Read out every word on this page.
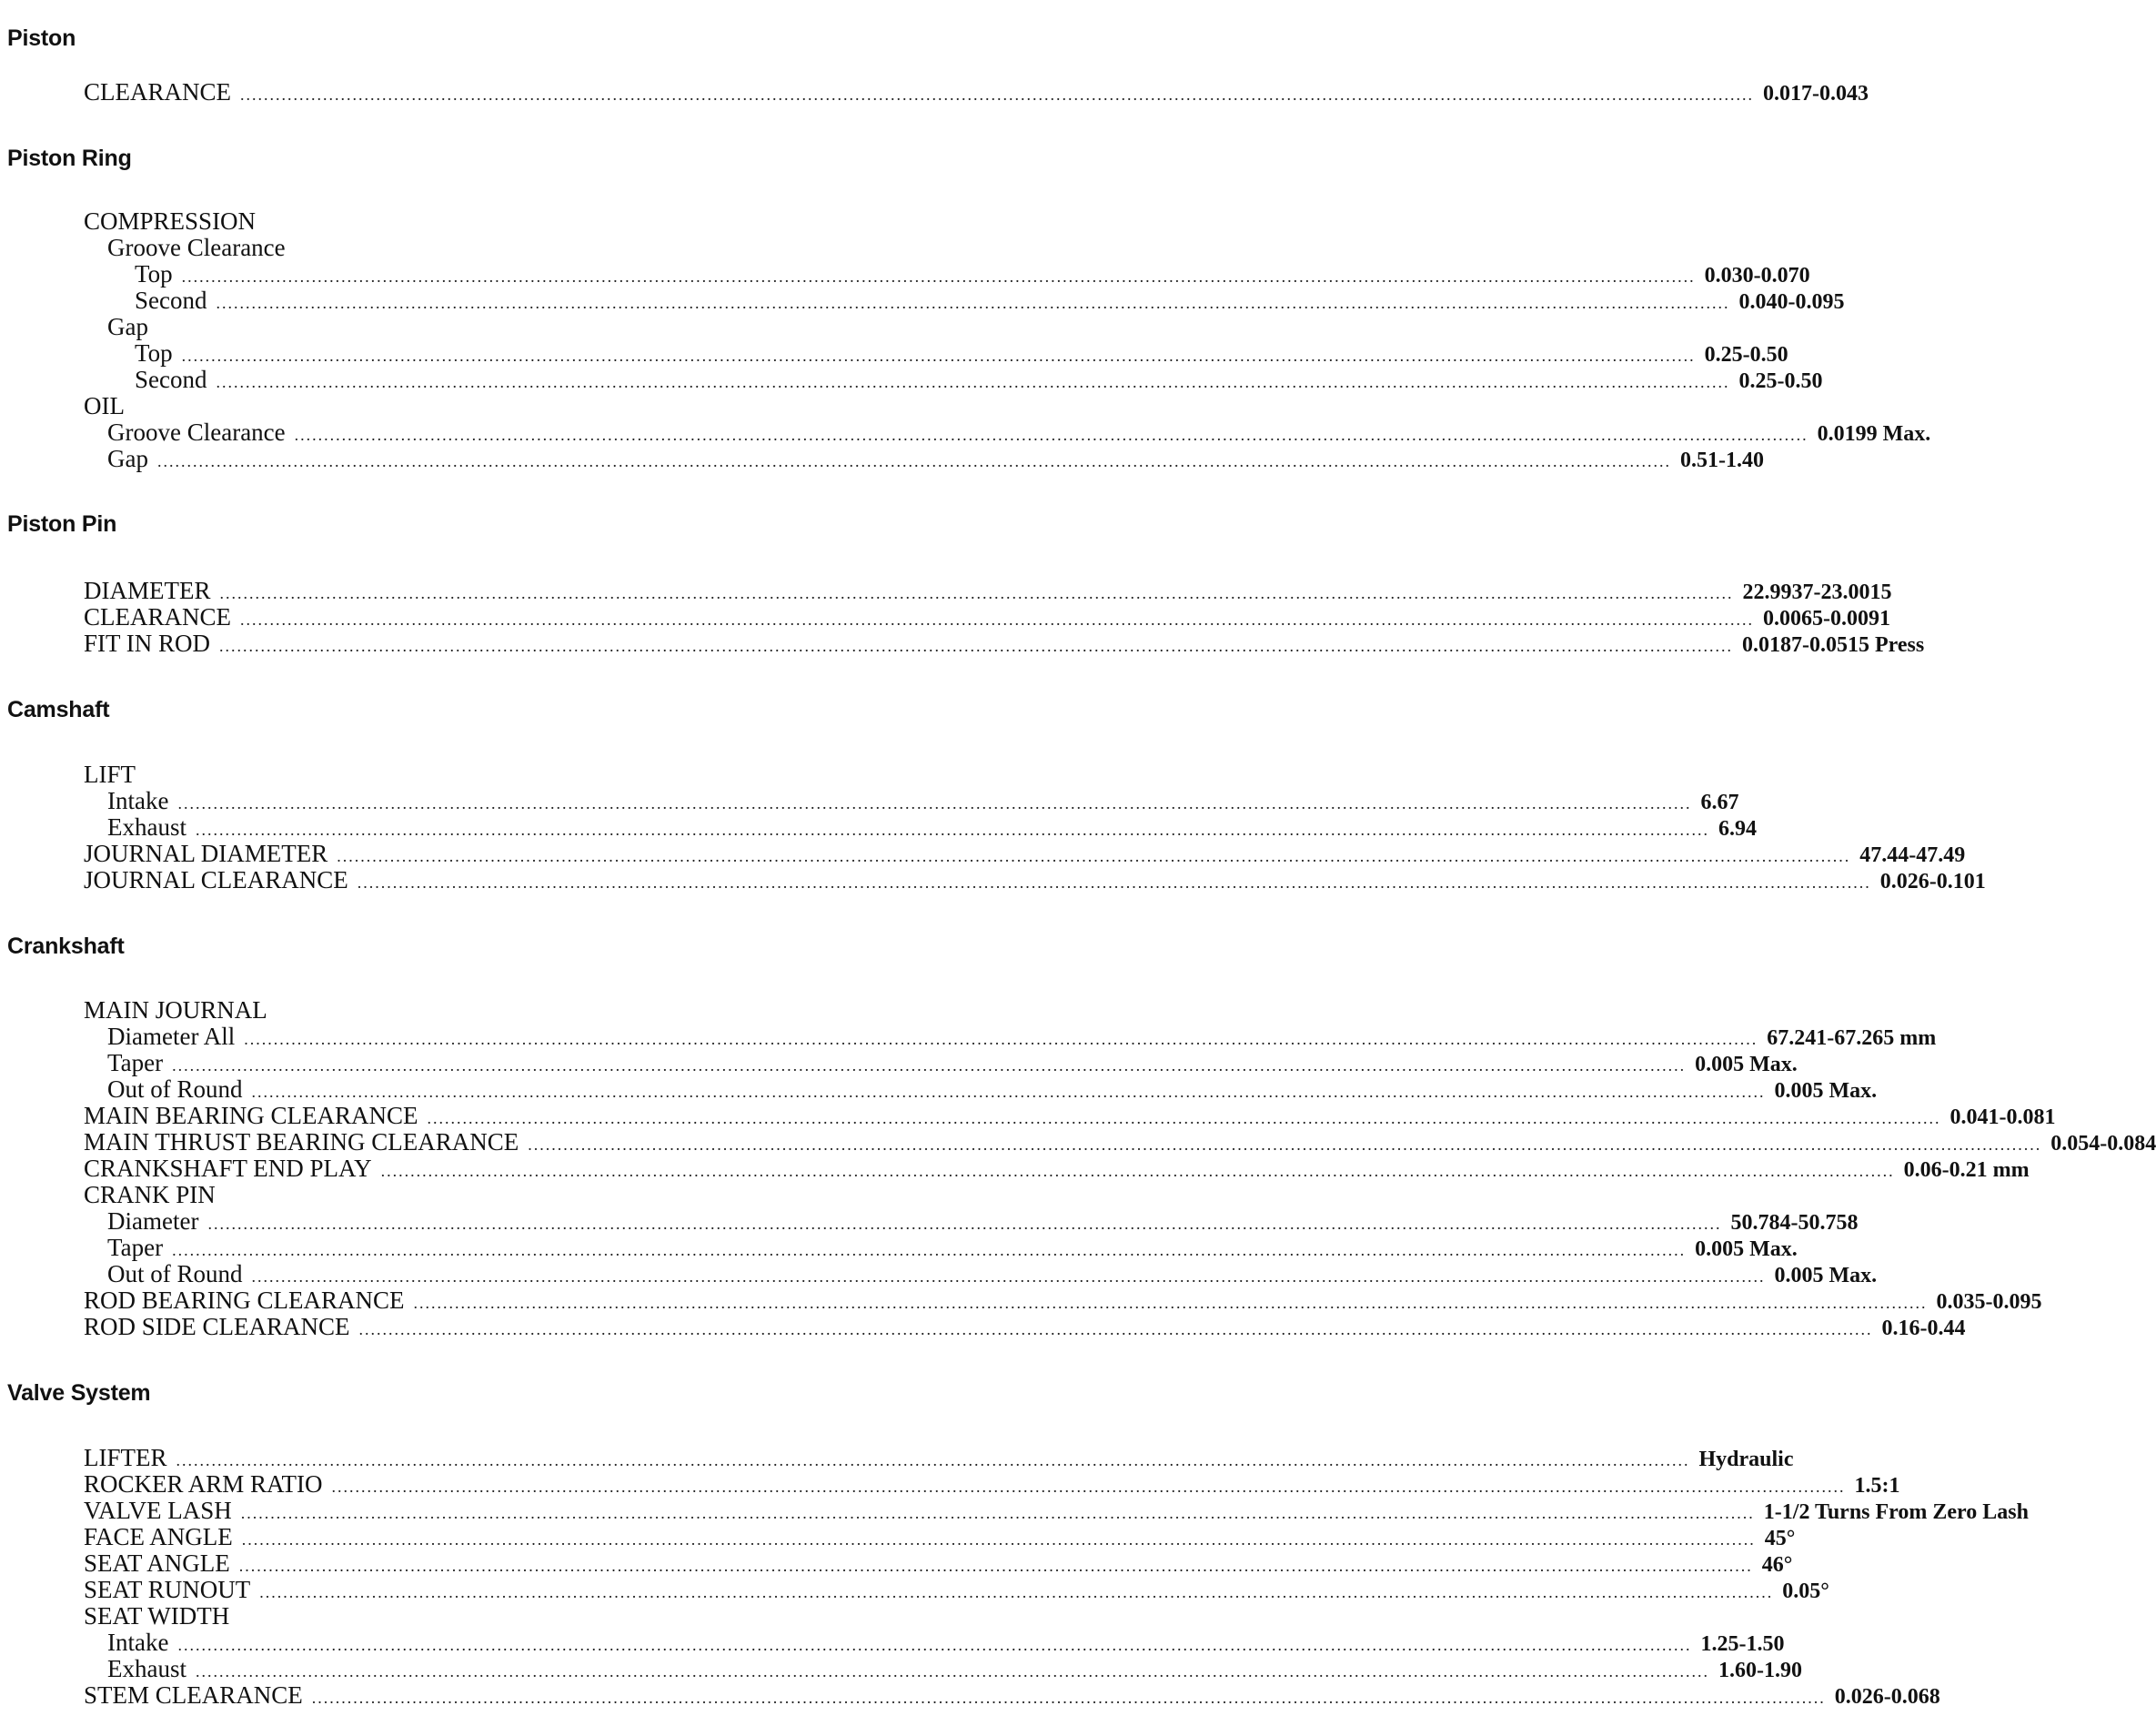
Piston
CLEARANCE ................................................................................................................................................................................................................................................................ 0.017-0.043
Piston Ring
COMPRESSION
Groove Clearance
Top ................................................................................................................................................................................................................................................................ 0.030-0.070
Second ................................................................................................................................................................................................................................................................ 0.040-0.095
Gap
Top ................................................................................................................................................................................................................................................................ 0.25-0.50
Second ................................................................................................................................................................................................................................................................ 0.25-0.50
OIL
Groove Clearance ................................................................................................................................................................................................................................................................ 0.0199 Max.
Gap ................................................................................................................................................................................................................................................................ 0.51-1.40
Piston Pin
DIAMETER ................................................................................................................................................................................................................................................................ 22.9937-23.0015
CLEARANCE ................................................................................................................................................................................................................................................................ 0.0065-0.0091
FIT IN ROD ................................................................................................................................................................................................................................................................ 0.0187-0.0515 Press
Camshaft
LIFT
Intake ................................................................................................................................................................................................................................................................ 6.67
Exhaust ................................................................................................................................................................................................................................................................ 6.94
JOURNAL DIAMETER ................................................................................................................................................................................................................................................................ 47.44-47.49
JOURNAL CLEARANCE ................................................................................................................................................................................................................................................................ 0.026-0.101
Crankshaft
MAIN JOURNAL
Diameter All ................................................................................................................................................................................................................................................................ 67.241-67.265 mm
Taper ................................................................................................................................................................................................................................................................ 0.005 Max.
Out of Round ................................................................................................................................................................................................................................................................ 0.005 Max.
MAIN BEARING CLEARANCE ................................................................................................................................................................................................................................................................ 0.041-0.081
MAIN THRUST BEARING CLEARANCE ................................................................................................................................................................................................................................................................ 0.054-0.084
CRANKSHAFT END PLAY ................................................................................................................................................................................................................................................................ 0.06-0.21 mm
CRANK PIN
Diameter ................................................................................................................................................................................................................................................................ 50.784-50.758
Taper ................................................................................................................................................................................................................................................................ 0.005 Max.
Out of Round ................................................................................................................................................................................................................................................................ 0.005 Max.
ROD BEARING CLEARANCE ................................................................................................................................................................................................................................................................ 0.035-0.095
ROD SIDE CLEARANCE ................................................................................................................................................................................................................................................................ 0.16-0.44
Valve System
LIFTER ................................................................................................................................................................................................................................................................ Hydraulic
ROCKER ARM RATIO ................................................................................................................................................................................................................................................................ 1.5:1
VALVE LASH ................................................................................................................................................................................................................................................................ 1-1/2 Turns From Zero Lash
FACE ANGLE ................................................................................................................................................................................................................................................................ 45°
SEAT ANGLE ................................................................................................................................................................................................................................................................ 46°
SEAT RUNOUT ................................................................................................................................................................................................................................................................ 0.05°
SEAT WIDTH
Intake ................................................................................................................................................................................................................................................................ 1.25-1.50
Exhaust ................................................................................................................................................................................................................................................................ 1.60-1.90
STEM CLEARANCE ................................................................................................................................................................................................................................................................ 0.026-0.068
